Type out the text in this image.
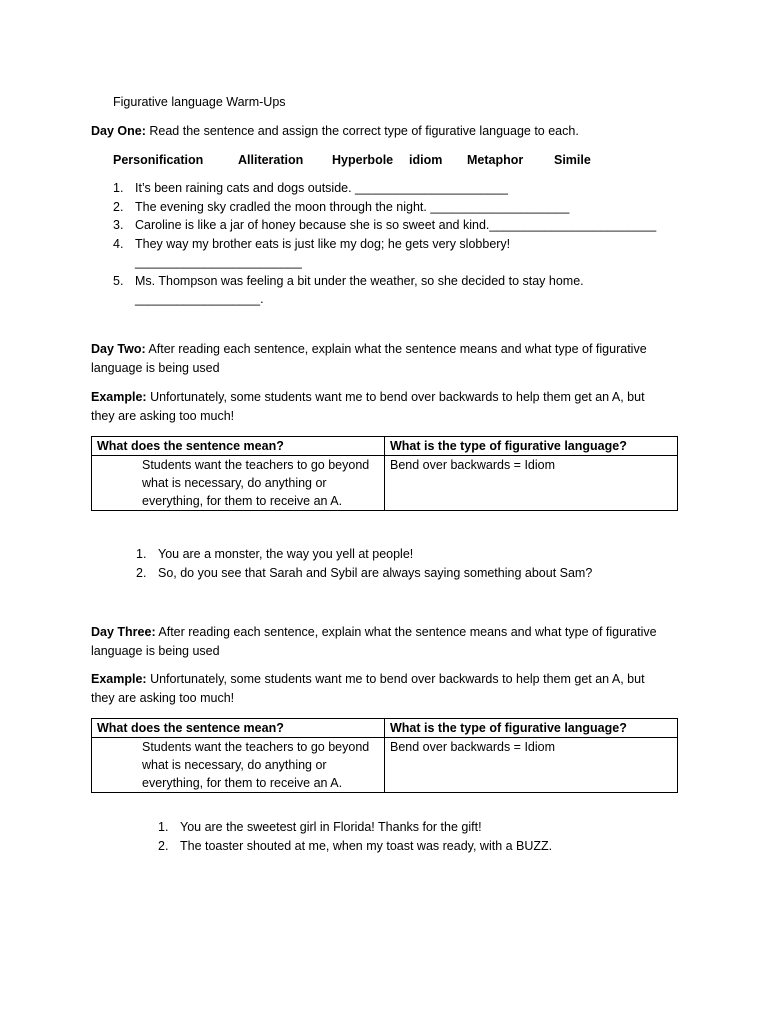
Figurative language Warm-Ups
Day One: Read the sentence and assign the correct type of figurative language to each.
Personification	Alliteration Hyperbole idiom Metaphor Simile
1. It’s been raining cats and dogs outside. ______________________
2. The evening sky cradled the moon through the night. ____________________
3. Caroline is like a jar of honey because she is so sweet and kind.________________________
4. They way my brother eats is just like my dog; he gets very slobbery!
________________________
5. Ms. Thompson was feeling a bit under the weather, so she decided to stay home.
__________________.
Day Two: After reading each sentence, explain what the sentence means and what type of figurative language is being used
Example: Unfortunately, some students want me to bend over backwards to help them get an A, but they are asking too much!
What does the sentence mean?	What is the type of figurative language?
Students want the teachers to go beyond what is necessary, do anything or everything, for them to receive an A.	Bend over backwards = Idiom
1. You are a monster, the way you yell at people!
2. So, do you see that Sarah and Sybil are always saying something about Sam?
Day Three: After reading each sentence, explain what the sentence means and what type of figurative language is being used
Example: Unfortunately, some students want me to bend over backwards to help them get an A, but they are asking too much!
What does the sentence mean?	What is the type of figurative language?
Students want the teachers to go beyond what is necessary, do anything or everything, for them to receive an A.	Bend over backwards = Idiom
1. You are the sweetest girl in Florida! Thanks for the gift!
2. The toaster shouted at me, when my toast was ready, with a BUZZ.
